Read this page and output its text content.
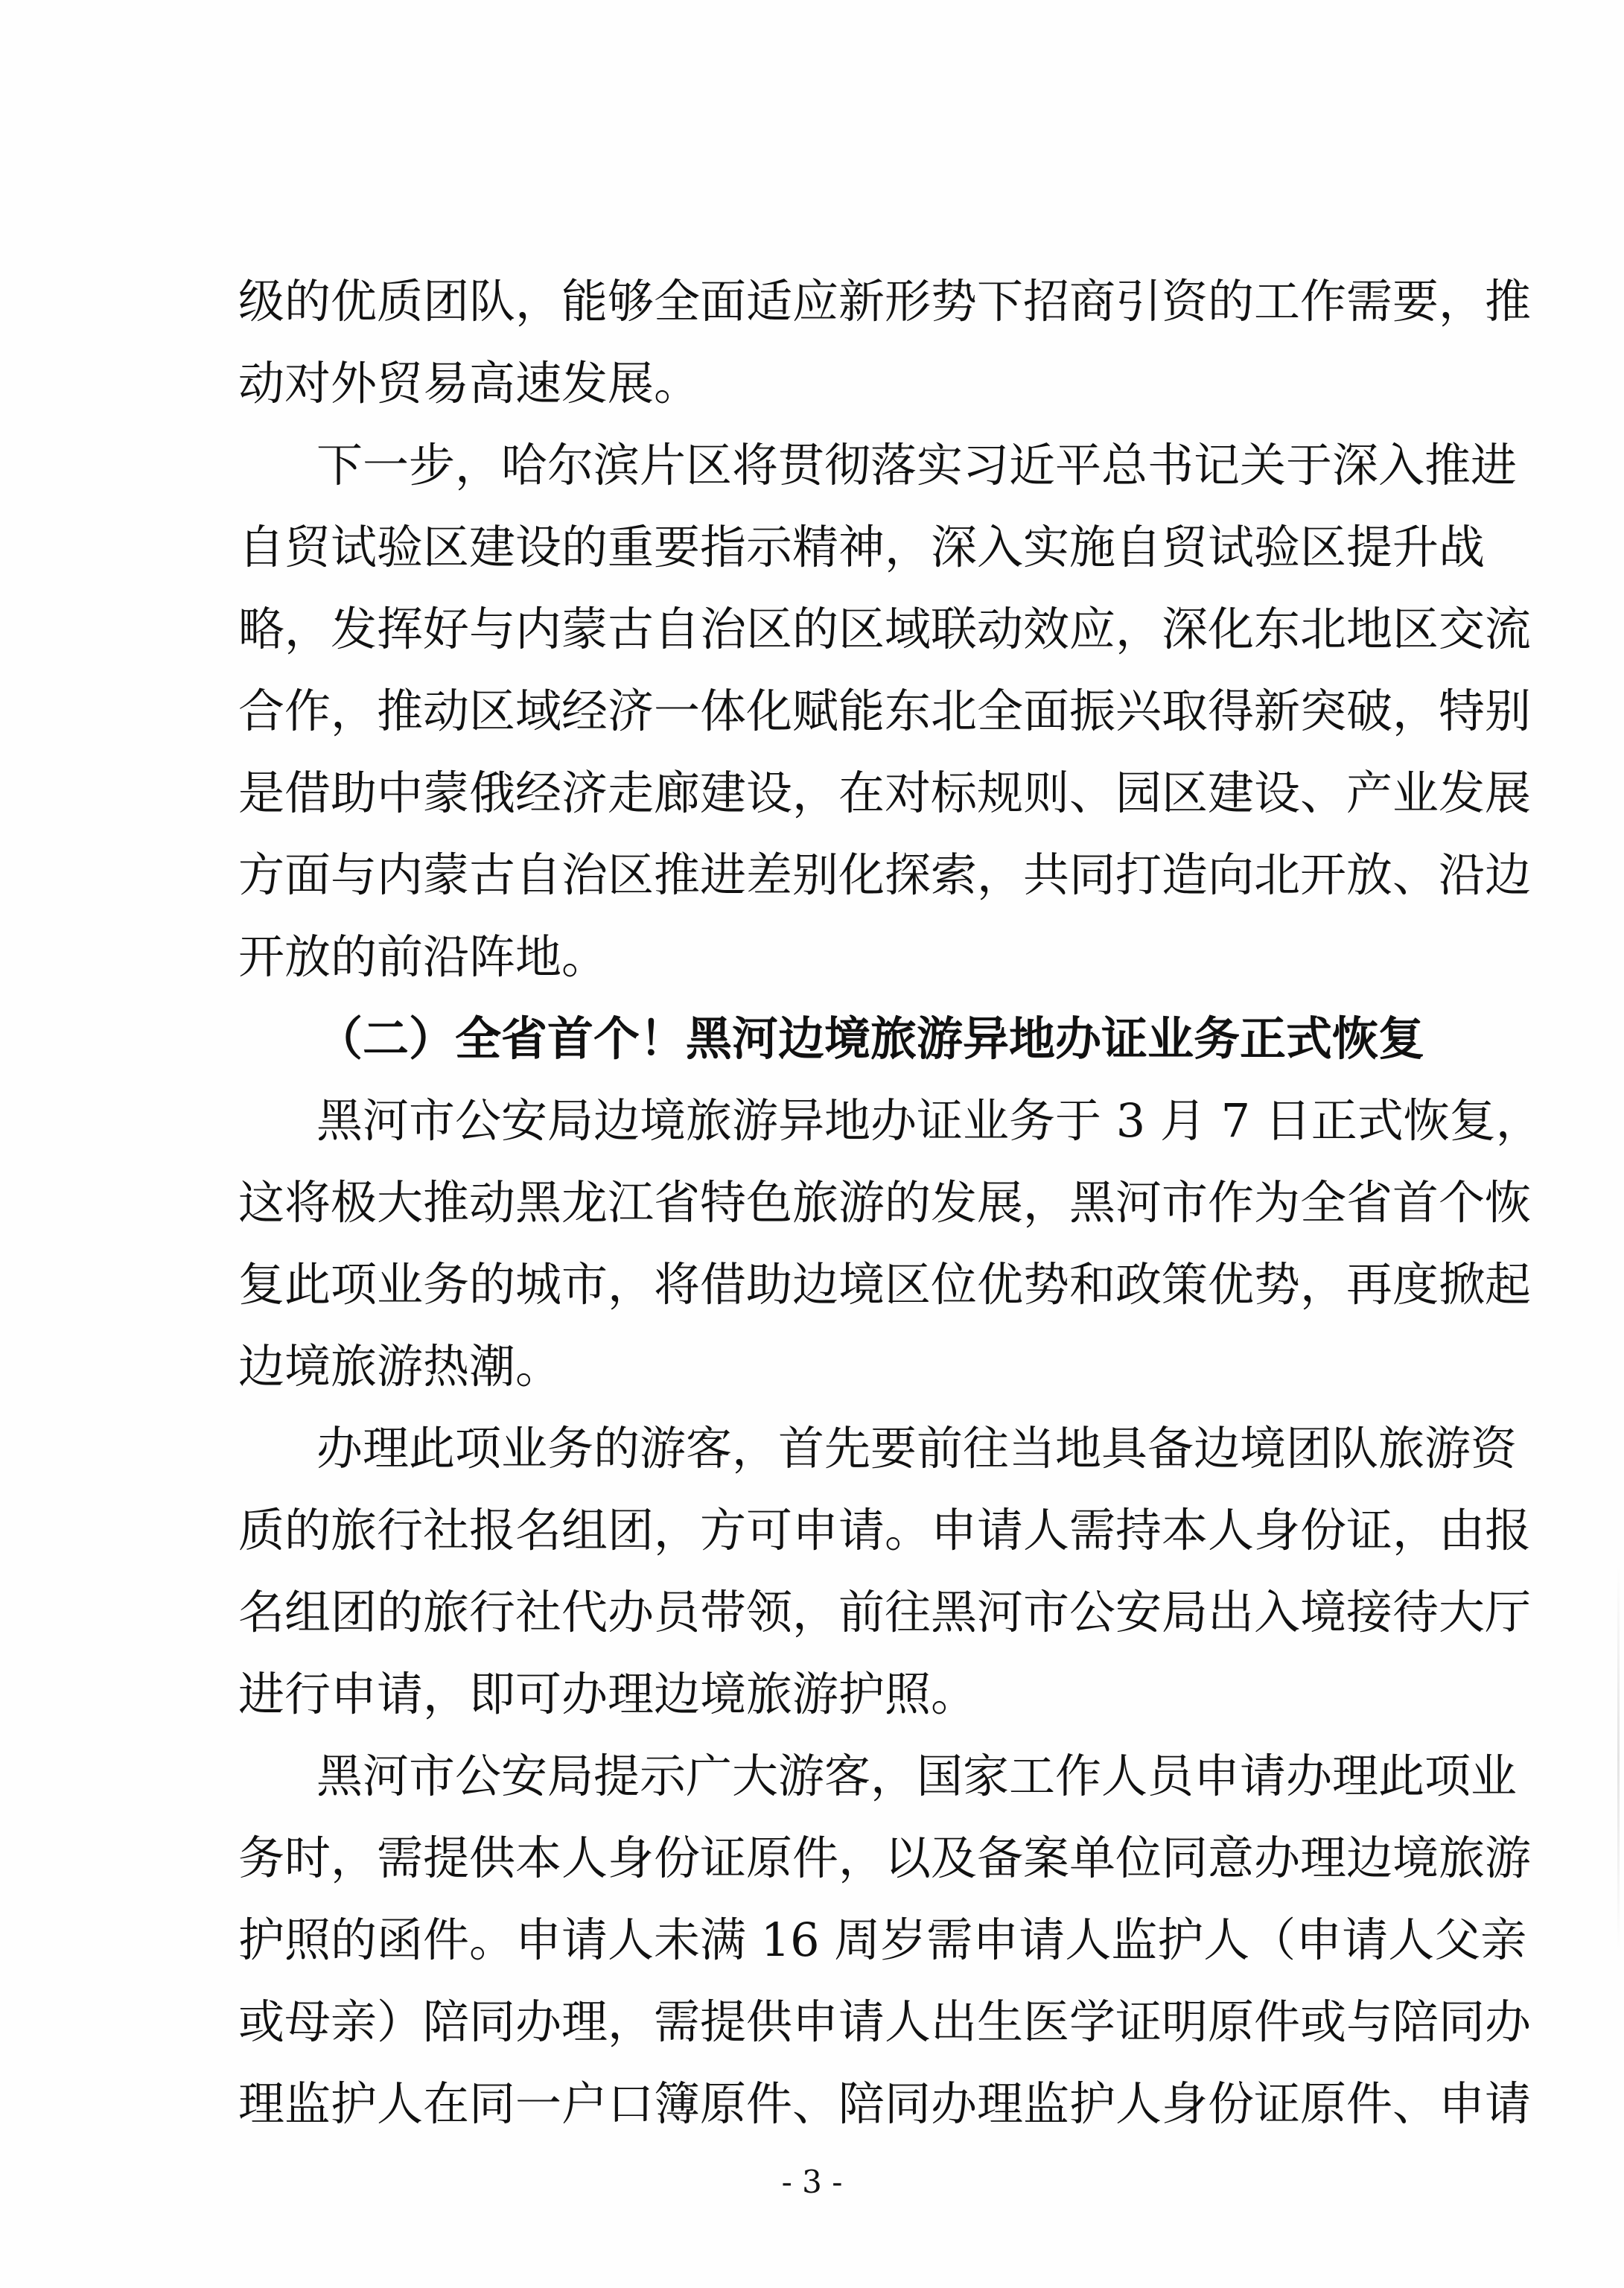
级的优质团队，能够全面适应新形势下招商引资的工作需要，推
动对外贸易高速发展。
下一步，哈尔滨片区将贯彻落实习近平总书记关于深入推进
自贸试验区建设的重要指示精神，深入实施自贸试验区提升战
略，发挥好与内蒙古自治区的区域联动效应，深化东北地区交流
合作，推动区域经济一体化赋能东北全面振兴取得新突破，特别
是借助中蒙俄经济走廊建设，在对标规则、园区建设、产业发展
方面与内蒙古自治区推进差别化探索，共同打造向北开放、沿边
开放的前沿阵地。
（二）全省首个！黑河边境旅游异地办证业务正式恢复
黑河市公安局边境旅游异地办证业务于 3 月 7 日正式恢复，
这将极大推动黑龙江省特色旅游的发展，黑河市作为全省首个恢
复此项业务的城市，将借助边境区位优势和政策优势，再度掀起
边境旅游热潮。
办理此项业务的游客，首先要前往当地具备边境团队旅游资
质的旅行社报名组团，方可申请。申请人需持本人身份证，由报
名组团的旅行社代办员带领，前往黑河市公安局出入境接待大厅
进行申请，即可办理边境旅游护照。
黑河市公安局提示广大游客，国家工作人员申请办理此项业
务时，需提供本人身份证原件，以及备案单位同意办理边境旅游
护照的函件。申请人未满 16 周岁需申请人监护人（申请人父亲
或母亲）陪同办理，需提供申请人出生医学证明原件或与陪同办
理监护人在同一户口簿原件、陪同办理监护人身份证原件、申请
- 3 -
